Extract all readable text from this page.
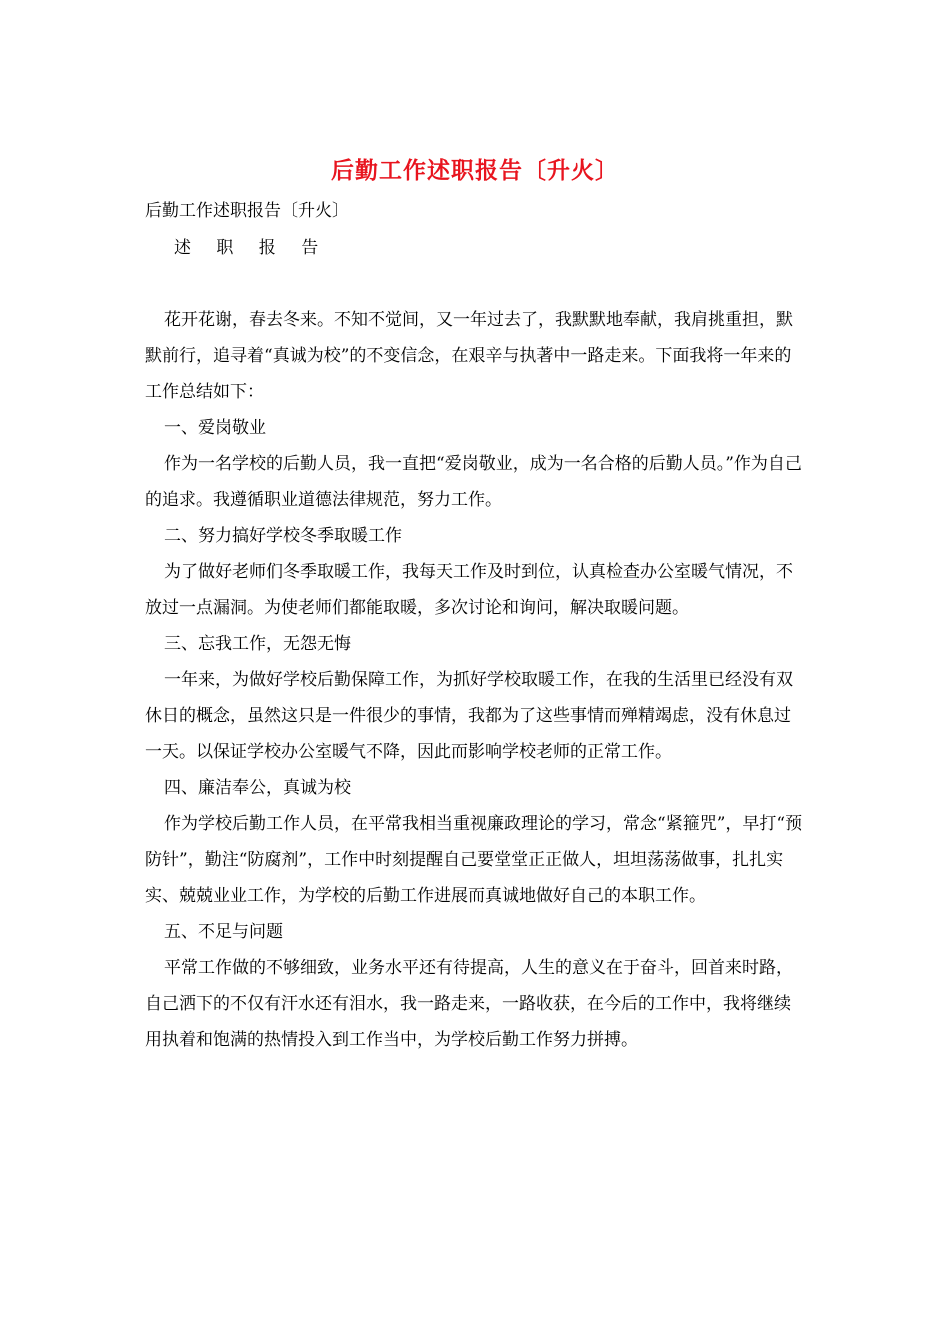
后勤工作述职报告〔升火〕

后勤工作述职报告〔升火〕

述 职 报 告

花开花谢，春去冬来。不知不觉间，又一年过去了，我默默地奉献，我肩挑重担，默默前行，追寻着“真诚为校”的不变信念，在艰辛与执著中一路走来。下面我将一年来的工作总结如下：

一、爱岗敬业

作为一名学校的后勤人员，我一直把“爱岗敬业，成为一名合格的后勤人员。”作为自己的追求。我遵循职业道德法律规范，努力工作。

二、努力搞好学校冬季取暖工作

为了做好老师们冬季取暖工作，我每天工作及时到位，认真检查办公室暖气情况，不放过一点漏洞。为使老师们都能取暖，多次讨论和询问，解决取暖问题。

三、忘我工作，无怨无悔

一年来，为做好学校后勤保障工作，为抓好学校取暖工作，在我的生活里已经没有双休日的概念，虽然这只是一件很少的事情，我都为了这些事情而殚精竭虑，没有休息过一天。以保证学校办公室暖气不降，因此而影响学校老师的正常工作。

四、廉洁奉公，真诚为校

作为学校后勤工作人员，在平常我相当重视廉政理论的学习，常念“紧箍咒”，早打“预防针”，勤注“防腐剂”，工作中时刻提醒自己要堂堂正正做人，坦坦荡荡做事，扎扎实实、兢兢业业工作，为学校的后勤工作进展而真诚地做好自己的本职工作。

五、不足与问题

平常工作做的不够细致，业务水平还有待提高，人生的意义在于奋斗，回首来时路，自己洒下的不仅有汗水还有泪水，我一路走来，一路收获，在今后的工作中，我将继续用执着和饱满的热情投入到工作当中，为学校后勤工作努力拼搏。
